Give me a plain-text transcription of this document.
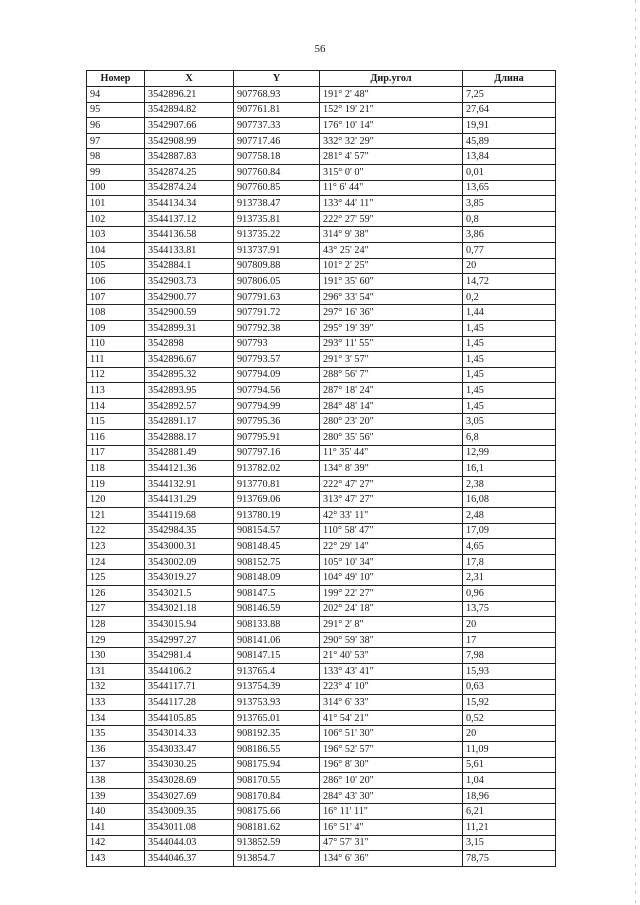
56
Номер	X	Y	Дир.угол	Длина
94	3542896.21	907768.93	191° 2' 48"	7,25
95	3542894.82	907761.81	152° 19' 21"	27,64
96	3542907.66	907737.33	176° 10' 14"	19,91
97	3542908.99	907717.46	332° 32' 29"	45,89
98	3542887.83	907758.18	281° 4' 57"	13,84
99	3542874.25	907760.84	315° 0' 0"	0,01
100	3542874.24	907760.85	11° 6' 44"	13,65
101	3544134.34	913738.47	133° 44' 11"	3,85
102	3544137.12	913735.81	222° 27' 59"	0,8
103	3544136.58	913735.22	314° 9' 38"	3,86
104	3544133.81	913737.91	43° 25' 24"	0,77
105	3542884.1	907809.88	101° 2' 25"	20
106	3542903.73	907806.05	191° 35' 60"	14,72
107	3542900.77	907791.63	296° 33' 54"	0,2
108	3542900.59	907791.72	297° 16' 36"	1,44
109	3542899.31	907792.38	295° 19' 39"	1,45
110	3542898	907793	293° 11' 55"	1,45
111	3542896.67	907793.57	291° 3' 57"	1,45
112	3542895.32	907794.09	288° 56' 7"	1,45
113	3542893.95	907794.56	287° 18' 24"	1,45
114	3542892.57	907794.99	284° 48' 14"	1,45
115	3542891.17	907795.36	280° 23' 20"	3,05
116	3542888.17	907795.91	280° 35' 56"	6,8
117	3542881.49	907797.16	11° 35' 44"	12,99
118	3544121.36	913782.02	134° 8' 39"	16,1
119	3544132.91	913770.81	222° 47' 27"	2,38
120	3544131.29	913769.06	313° 47' 27"	16,08
121	3544119.68	913780.19	42° 33' 11"	2,48
122	3542984.35	908154.57	110° 58' 47"	17,09
123	3543000.31	908148.45	22° 29' 14"	4,65
124	3543002.09	908152.75	105° 10' 34"	17,8
125	3543019.27	908148.09	104° 49' 10"	2,31
126	3543021.5	908147.5	199° 22' 27"	0,96
127	3543021.18	908146.59	202° 24' 18"	13,75
128	3543015.94	908133.88	291° 2' 8"	20
129	3542997.27	908141.06	290° 59' 38"	17
130	3542981.4	908147.15	21° 40' 53"	7,98
131	3544106.2	913765.4	133° 43' 41"	15,93
132	3544117.71	913754.39	223° 4' 10"	0,63
133	3544117.28	913753.93	314° 6' 33"	15,92
134	3544105.85	913765.01	41° 54' 21"	0,52
135	3543014.33	908192.35	106° 51' 30"	20
136	3543033.47	908186.55	196° 52' 57"	11,09
137	3543030.25	908175.94	196° 8' 30"	5,61
138	3543028.69	908170.55	286° 10' 20"	1,04
139	3543027.69	908170.84	284° 43' 30"	18,96
140	3543009.35	908175.66	16° 11' 11"	6,21
141	3543011.08	908181.62	16° 51' 4"	11,21
142	3544044.03	913852.59	47° 57' 31"	3,15
143	3544046.37	913854.7	134° 6' 36"	78,75
